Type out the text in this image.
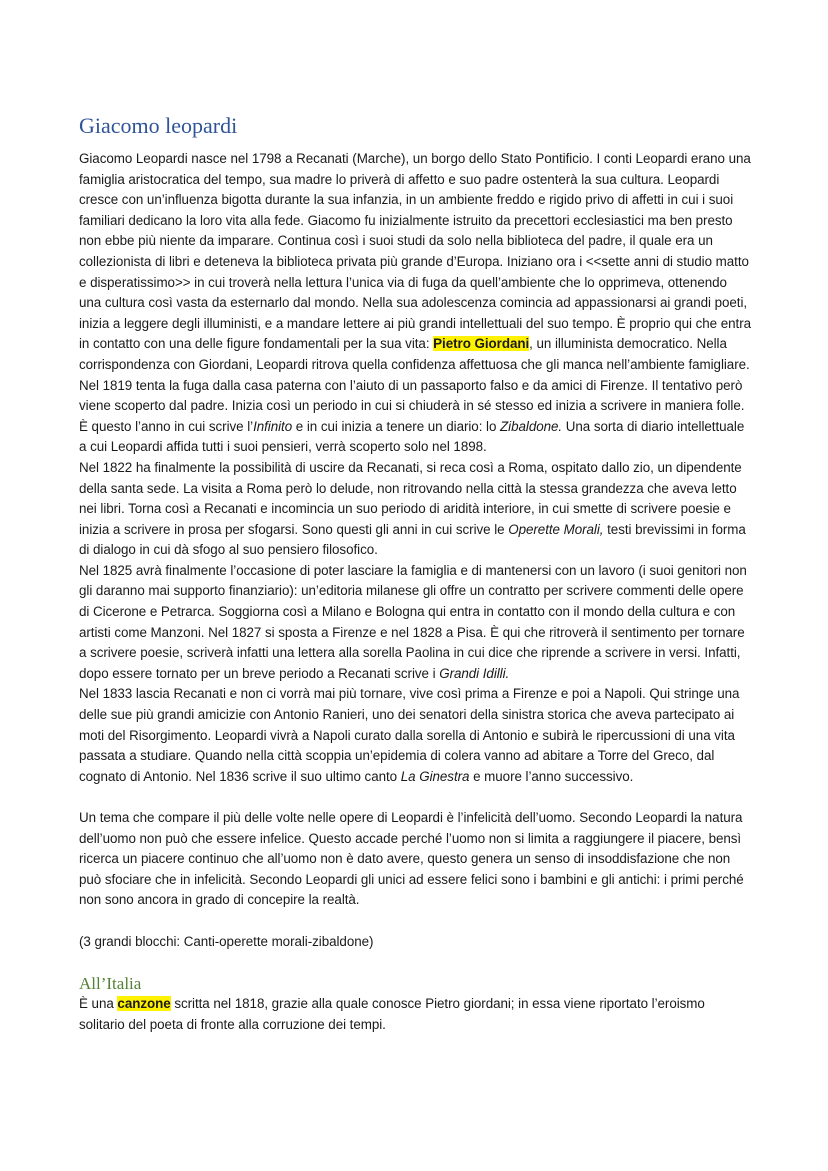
Giacomo leopardi

Giacomo Leopardi nasce nel 1798 a Recanati (Marche), un borgo dello Stato Pontificio. I conti Leopardi erano una famiglia aristocratica del tempo, sua madre lo priverà di affetto e suo padre ostenterà la sua cultura. Leopardi cresce con un’influenza bigotta durante la sua infanzia, in un ambiente freddo e rigido privo di affetti in cui i suoi familiari dedicano la loro vita alla fede. Giacomo fu inizialmente istruito da precettori ecclesiastici ma ben presto non ebbe più niente da imparare. Continua così i suoi studi da solo nella biblioteca del padre, il quale era un collezionista di libri e deteneva la biblioteca privata più grande d’Europa. Iniziano ora i <<sette anni di studio matto e disperatissimo>> in cui troverà nella lettura l’unica via di fuga da quell’ambiente che lo opprimeva, ottenendo una cultura così vasta da esternarlo dal mondo. Nella sua adolescenza comincia ad appassionarsi ai grandi poeti, inizia a leggere degli illuministi, e a mandare lettere ai più grandi intellettuali del suo tempo. È proprio qui che entra in contatto con una delle figure fondamentali per la sua vita: Pietro Giordani, un illuminista democratico. Nella corrispondenza con Giordani, Leopardi ritrova quella confidenza affettuosa che gli manca nell’ambiente famigliare.

Nel 1819 tenta la fuga dalla casa paterna con l’aiuto di un passaporto falso e da amici di Firenze. Il tentativo però viene scoperto dal padre. Inizia così un periodo in cui si chiuderà in sé stesso ed inizia a scrivere in maniera folle. È questo l’anno in cui scrive l’Infinito e in cui inizia a tenere un diario: lo Zibaldone. Una sorta di diario intellettuale a cui Leopardi affida tutti i suoi pensieri, verrà scoperto solo nel 1898.

Nel 1822 ha finalmente la possibilità di uscire da Recanati, si reca così a Roma, ospitato dallo zio, un dipendente della santa sede. La visita a Roma però lo delude, non ritrovando nella città la stessa grandezza che aveva letto nei libri. Torna così a Recanati e incomincia un suo periodo di aridità interiore, in cui smette di scrivere poesie e inizia a scrivere in prosa per sfogarsi. Sono questi gli anni in cui scrive le Operette Morali, testi brevissimi in forma di dialogo in cui dà sfogo al suo pensiero filosofico.

Nel 1825 avrà finalmente l’occasione di poter lasciare la famiglia e di mantenersi con un lavoro (i suoi genitori non gli daranno mai supporto finanziario): un’editoria milanese gli offre un contratto per scrivere commenti delle opere di Cicerone e Petrarca. Soggiorna così a Milano e Bologna qui entra in contatto con il mondo della cultura e con artisti come Manzoni. Nel 1827 si sposta a Firenze e nel 1828 a Pisa. È qui che ritroverà il sentimento per tornare a scrivere poesie, scriverà infatti una lettera alla sorella Paolina in cui dice che riprende a scrivere in versi. Infatti, dopo essere tornato per un breve periodo a Recanati scrive i Grandi Idilli.

Nel 1833 lascia Recanati e non ci vorrà mai più tornare, vive così prima a Firenze e poi a Napoli. Qui stringe una delle sue più grandi amicizie con Antonio Ranieri, uno dei senatori della sinistra storica che aveva partecipato ai moti del Risorgimento. Leopardi vivrà a Napoli curato dalla sorella di Antonio e subirà le ripercussioni di una vita passata a studiare. Quando nella città scoppia un’epidemia di colera vanno ad abitare a Torre del Greco, dal cognato di Antonio. Nel 1836 scrive il suo ultimo canto La Ginestra e muore l’anno successivo.

Un tema che compare il più delle volte nelle opere di Leopardi è l’infelicità dell’uomo. Secondo Leopardi la natura dell’uomo non può che essere infelice. Questo accade perché l’uomo non si limita a raggiungere il piacere, bensì ricerca un piacere continuo che all’uomo non è dato avere, questo genera un senso di insoddisfazione che non può sfociare che in infelicità. Secondo Leopardi gli unici ad essere felici sono i bambini e gli antichi: i primi perché non sono ancora in grado di concepire la realtà.

(3 grandi blocchi: Canti-operette morali-zibaldone)

All’Italia

È una canzone scritta nel 1818, grazie alla quale conosce Pietro giordani; in essa viene riportato l’eroismo solitario del poeta di fronte alla corruzione dei tempi.
